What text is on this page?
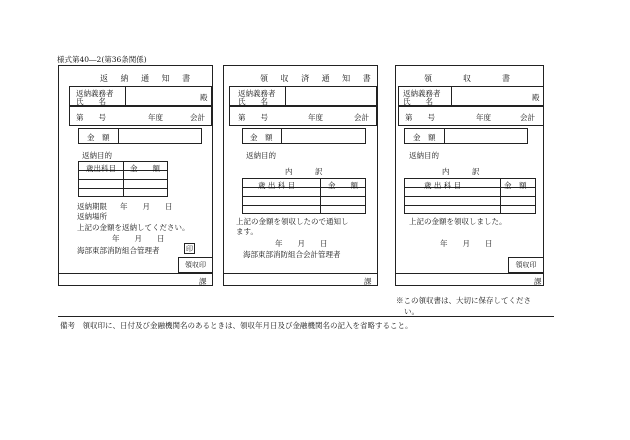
様式第40―2(第36条関係)
返 納 通 知 書
返納義務者
氏　　名	殿
第　　号	年度	会計
金　額
返納目的
歳出科目 金　　額
返納期限 年　　月　　日
返納場所
上記の金額を返納してください。
年　　月　　日
海部東部消防組合管理者	印
領収印
課
領 収 済 通 知 書
返納義務者
氏　　名
第　　号	年度	会計
金　額
返納目的
内　　　訳
歳 出 科 目	金　　額
上記の金額を領収したので通知し
ます。
年　　月　　日
海部東部消防組合会計管理者
課
領　　収　　書
返納義務者
氏　　名	殿
第　　号	年度	会計
金　額
返納目的
内　　　訳
歳 出 科 目	金　額
上記の金額を領収しました。
年　　月　　日
領収印
課
※この領収書は、大切に保存してくださ
い。
備考　領収印に、日付及び金融機関名のあるときは、領収年月日及び金融機関名の記入を省略すること。
